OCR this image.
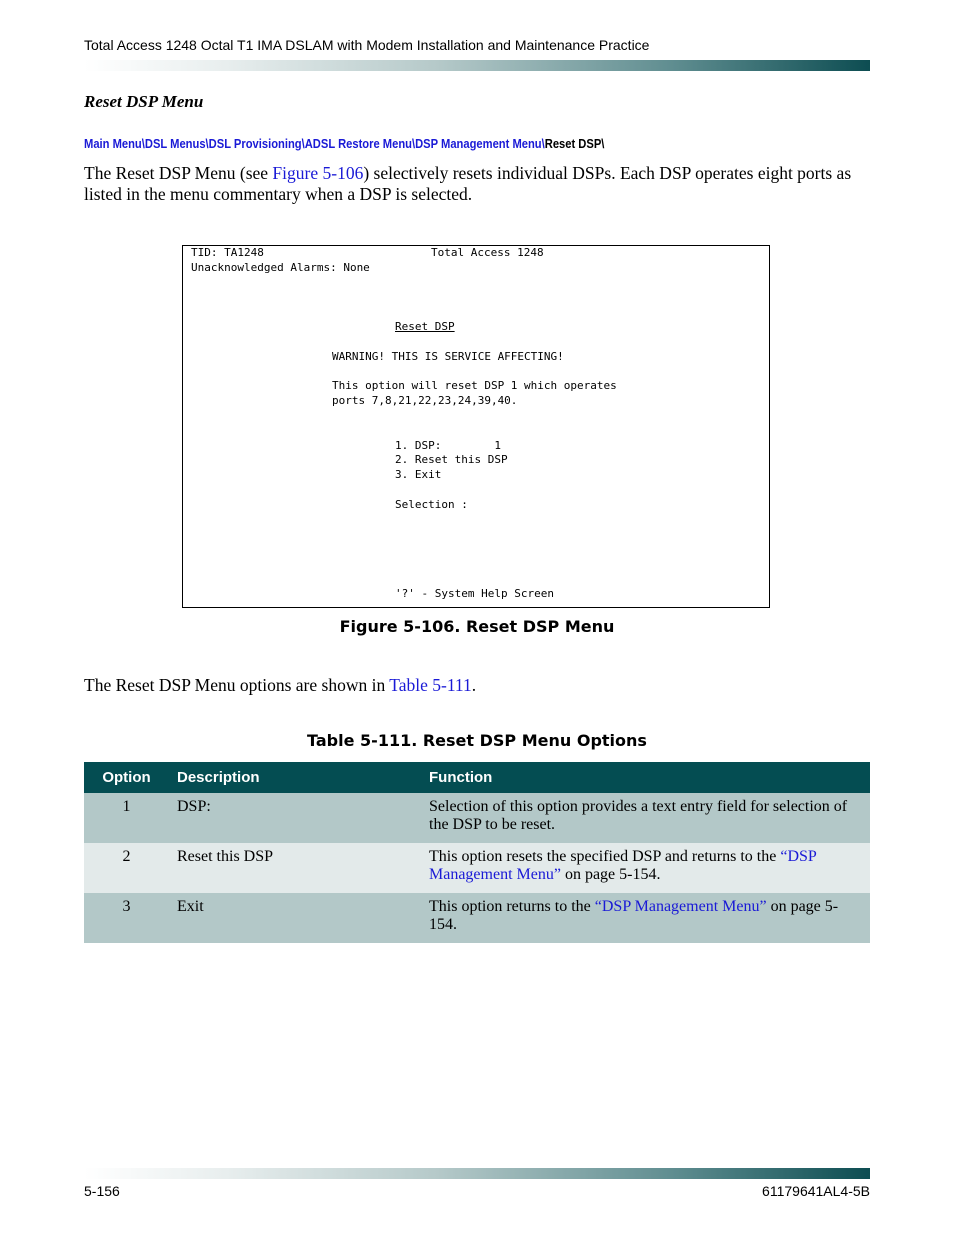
Total Access 1248 Octal T1 IMA DSLAM with Modem Installation and Maintenance Practice
Reset DSP Menu
Main Menu\DSL Menus\DSL Provisioning\ADSL Restore Menu\DSP Management Menu\Reset DSP\
The Reset DSP Menu (see Figure 5-106) selectively resets individual DSPs. Each DSP operates eight ports as listed in the menu commentary when a DSP is selected.
TID: TA1248	Total Access 1248
Unacknowledged Alarms: None
Reset DSP
WARNING! THIS IS SERVICE AFFECTING!
This option will reset DSP 1 which operates
ports 7,8,21,22,23,24,39,40.
1. DSP:        1
2. Reset this DSP
3. Exit
Selection :
'?' - System Help Screen
Figure 5-106. Reset DSP Menu
The Reset DSP Menu options are shown in Table 5-111.
Table 5-111. Reset DSP Menu Options
Option	Description	Function
1	DSP:	Selection of this option provides a text entry field for selection of the DSP to be reset.
2	Reset this DSP	This option resets the specified DSP and returns to the “DSP Management Menu” on page 5-154.
3	Exit	This option returns to the “DSP Management Menu” on page 5-154.
5-156	61179641AL4-5B
